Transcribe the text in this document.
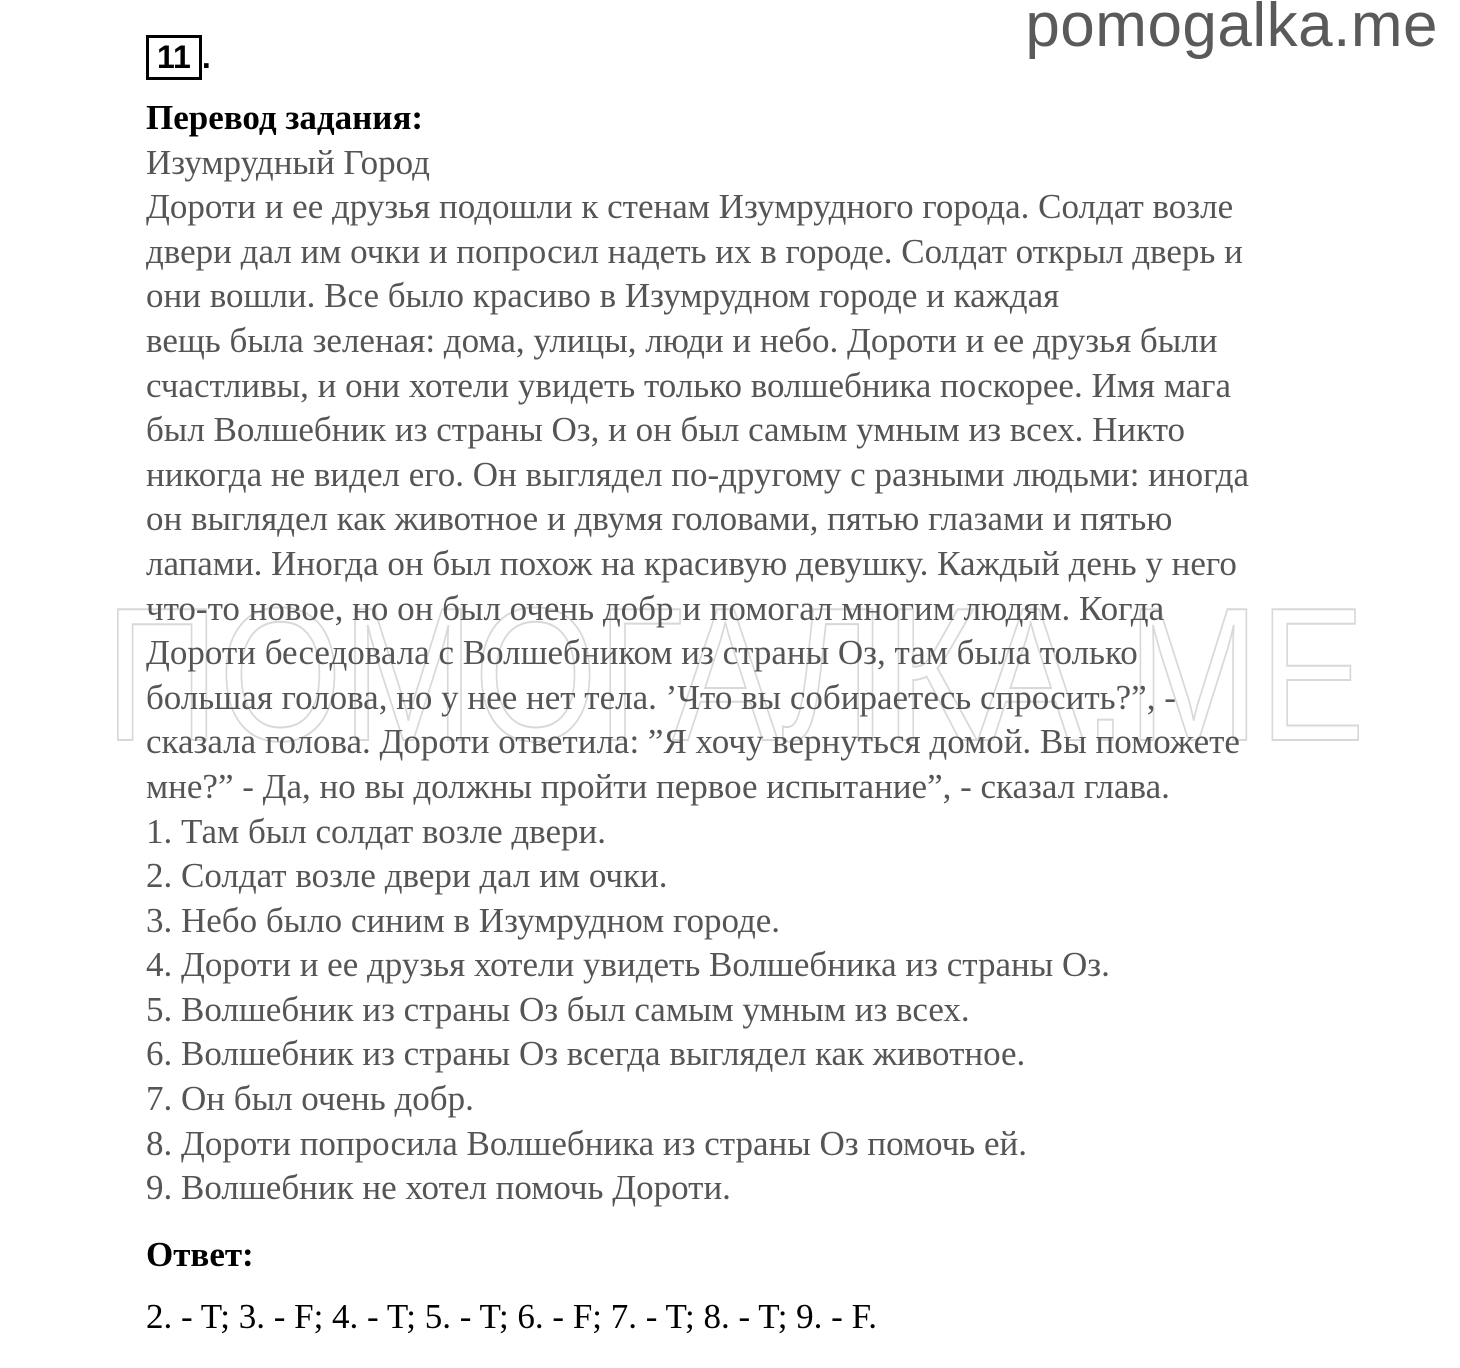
pomogalka.me
ПОМОГАЛКА.МЕ
11 .
Перевод задания:
Изумрудный Город
Дороти и ее друзья подошли к стенам Изумрудного города. Солдат возле
двери дал им очки и попросил надеть их в городе. Солдат открыл дверь и
они вошли. Все было красиво в Изумрудном городе и каждая
вещь была зеленая: дома, улицы, люди и небо. Дороти и ее друзья были
счастливы, и они хотели увидеть только волшебника поскорее. Имя мага
был Волшебник из страны Оз, и он был самым умным из всех. Никто
никогда не видел его. Он выглядел по-другому с разными людьми: иногда
он выглядел как животное и двумя головами, пятью глазами и пятью
лапами. Иногда он был похож на красивую девушку. Каждый день у него
что-то новое, но он был очень добр и помогал многим людям. Когда
Дороти беседовала с Волшебником из страны Оз, там была только
большая голова, но у нее нет тела. ’Что вы собираетесь спросить?”, -
сказала голова. Дороти ответила: ”Я хочу вернуться домой. Вы поможете
мне?” - Да, но вы должны пройти первое испытание”, - сказал глава.
1. Там был солдат возле двери.
2. Солдат возле двери дал им очки.
3. Небо было синим в Изумрудном городе.
4. Дороти и ее друзья хотели увидеть Волшебника из страны Оз.
5. Волшебник из страны Оз был самым умным из всех.
6. Волшебник из страны Оз всегда выглядел как животное.
7. Он был очень добр.
8. Дороти попросила Волшебника из страны Оз помочь ей.
9. Волшебник не хотел помочь Дороти.
Ответ:
2. - T; 3. - F; 4. - T; 5. - T; 6. - F; 7. - T; 8. - T; 9. - F.
